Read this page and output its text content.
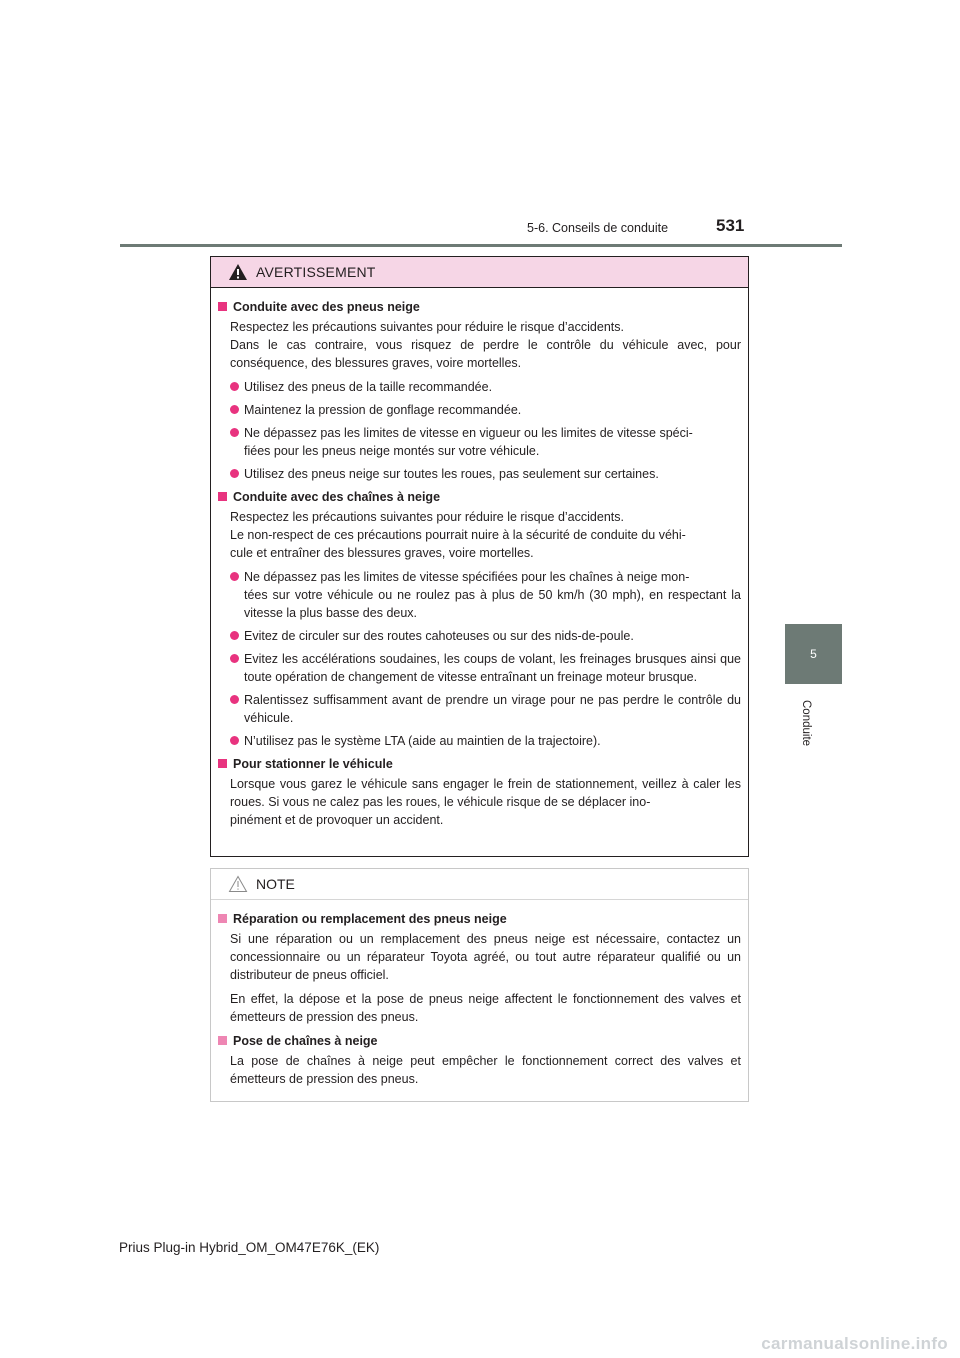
5-6. Conseils de conduite	531
5
Conduite
AVERTISSEMENT
Conduite avec des pneus neige
Respectez les précautions suivantes pour réduire le risque d’accidents.
Dans le cas contraire, vous risquez de perdre le contrôle du véhicule avec, pour conséquence, des blessures graves, voire mortelles.
Utilisez des pneus de la taille recommandée.
Maintenez la pression de gonflage recommandée.
Ne dépassez pas les limites de vitesse en vigueur ou les limites de vitesse spéci-
fiées pour les pneus neige montés sur votre véhicule.
Utilisez des pneus neige sur toutes les roues, pas seulement sur certaines.
Conduite avec des chaînes à neige
Respectez les précautions suivantes pour réduire le risque d’accidents.
Le non-respect de ces précautions pourrait nuire à la sécurité de conduite du véhi-
cule et entraîner des blessures graves, voire mortelles.
Ne dépassez pas les limites de vitesse spécifiées pour les chaînes à neige mon-
tées sur votre véhicule ou ne roulez pas à plus de 50 km/h (30 mph), en respectant la vitesse la plus basse des deux.
Evitez de circuler sur des routes cahoteuses ou sur des nids-de-poule.
Evitez les accélérations soudaines, les coups de volant, les freinages brusques ainsi que toute opération de changement de vitesse entraînant un freinage moteur brusque.
Ralentissez suffisamment avant de prendre un virage pour ne pas perdre le contrôle du véhicule.
N’utilisez pas le système LTA (aide au maintien de la trajectoire).
Pour stationner le véhicule
Lorsque vous garez le véhicule sans engager le frein de stationnement, veillez à caler les roues. Si vous ne calez pas les roues, le véhicule risque de se déplacer ino-
pinément et de provoquer un accident.
NOTE
Réparation ou remplacement des pneus neige
Si une réparation ou un remplacement des pneus neige est nécessaire, contactez un concessionnaire ou un réparateur Toyota agréé, ou tout autre réparateur qualifié ou un distributeur de pneus officiel.
En effet, la dépose et la pose de pneus neige affectent le fonctionnement des valves et émetteurs de pression des pneus.
Pose de chaînes à neige
La pose de chaînes à neige peut empêcher le fonctionnement correct des valves et émetteurs de pression des pneus.
Prius Plug-in Hybrid_OM_OM47E76K_(EK)
carmanualsonline.info
